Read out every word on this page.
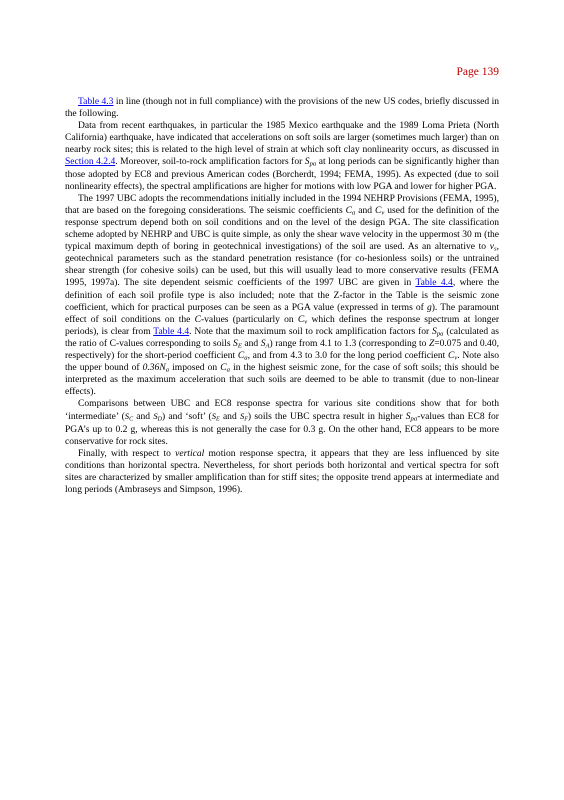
Page 139

Table 4.3 in line (though not in full compliance) with the provisions of the new US codes, briefly discussed in the following.

Data from recent earthquakes, in particular the 1985 Mexico earthquake and the 1989 Loma Prieta (North California) earthquake, have indicated that accelerations on soft soils are larger (sometimes much larger) than on nearby rock sites; this is related to the high level of strain at which soft clay nonlinearity occurs, as discussed in Section 4.2.4. Moreover, soil-to-rock amplification factors for $S_{pa}$ at long periods can be significantly higher than those adopted by EC8 and previous American codes (Borcherdt, 1994; FEMA, 1995). As expected (due to soil nonlinearity effects), the spectral amplifications are higher for motions with low PGA and lower for higher PGA.

The 1997 UBC adopts the recommendations initially included in the 1994 NEHRP Provisions (FEMA, 1995), that are based on the foregoing considerations. The seismic coefficients $C_a$ and $C_v$ used for the definition of the response spectrum depend both on soil conditions and on the level of the design PGA. The site classification scheme adopted by NEHRP and UBC is quite simple, as only the shear wave velocity in the uppermost 30 m (the typical maximum depth of boring in geotechnical investigations) of the soil are used. As an alternative to $v_s$, geotechnical parameters such as the standard penetration resistance (for co-hesionless soils) or the untrained shear strength (for cohesive soils) can be used, but this will usually lead to more conservative results (FEMA 1995, 1997a). The site dependent seismic coefficients of the 1997 UBC are given in Table 4.4, where the definition of each soil profile type is also included; note that the Z-factor in the Table is the seismic zone coefficient, which for practical purposes can be seen as a PGA value (expressed in terms of g). The paramount effect of soil conditions on the C-values (particularly on $C_v$ which defines the response spectrum at longer periods), is clear from Table 4.4. Note that the maximum soil to rock amplification factors for $S_{pa}$ (calculated as the ratio of C-values corresponding to soils $S_E$ and $S_A$) range from 4.1 to 1.3 (corresponding to Z=0.075 and 0.40, respectively) for the short-period coefficient $C_a$, and from 4.3 to 3.0 for the long period coefficient $C_v$. Note also the upper bound of $0.36N_a$ imposed on $C_a$ in the highest seismic zone, for the case of soft soils; this should be interpreted as the maximum acceleration that such soils are deemed to be able to transmit (due to non-linear effects).

Comparisons between UBC and EC8 response spectra for various site conditions show that for both ‘intermediate’ ($S_C$ and $S_D$) and ‘soft’ ($S_E$ and $S_F$) soils the UBC spectra result in higher $S_{pa}$-values than EC8 for PGA’s up to 0.2 g, whereas this is not generally the case for 0.3 g. On the other hand, EC8 appears to be more conservative for rock sites.

Finally, with respect to vertical motion response spectra, it appears that they are less influenced by site conditions than horizontal spectra. Nevertheless, for short periods both horizontal and vertical spectra for soft sites are characterized by smaller amplification than for stiff sites; the opposite trend appears at intermediate and long periods (Ambraseys and Simpson, 1996).
